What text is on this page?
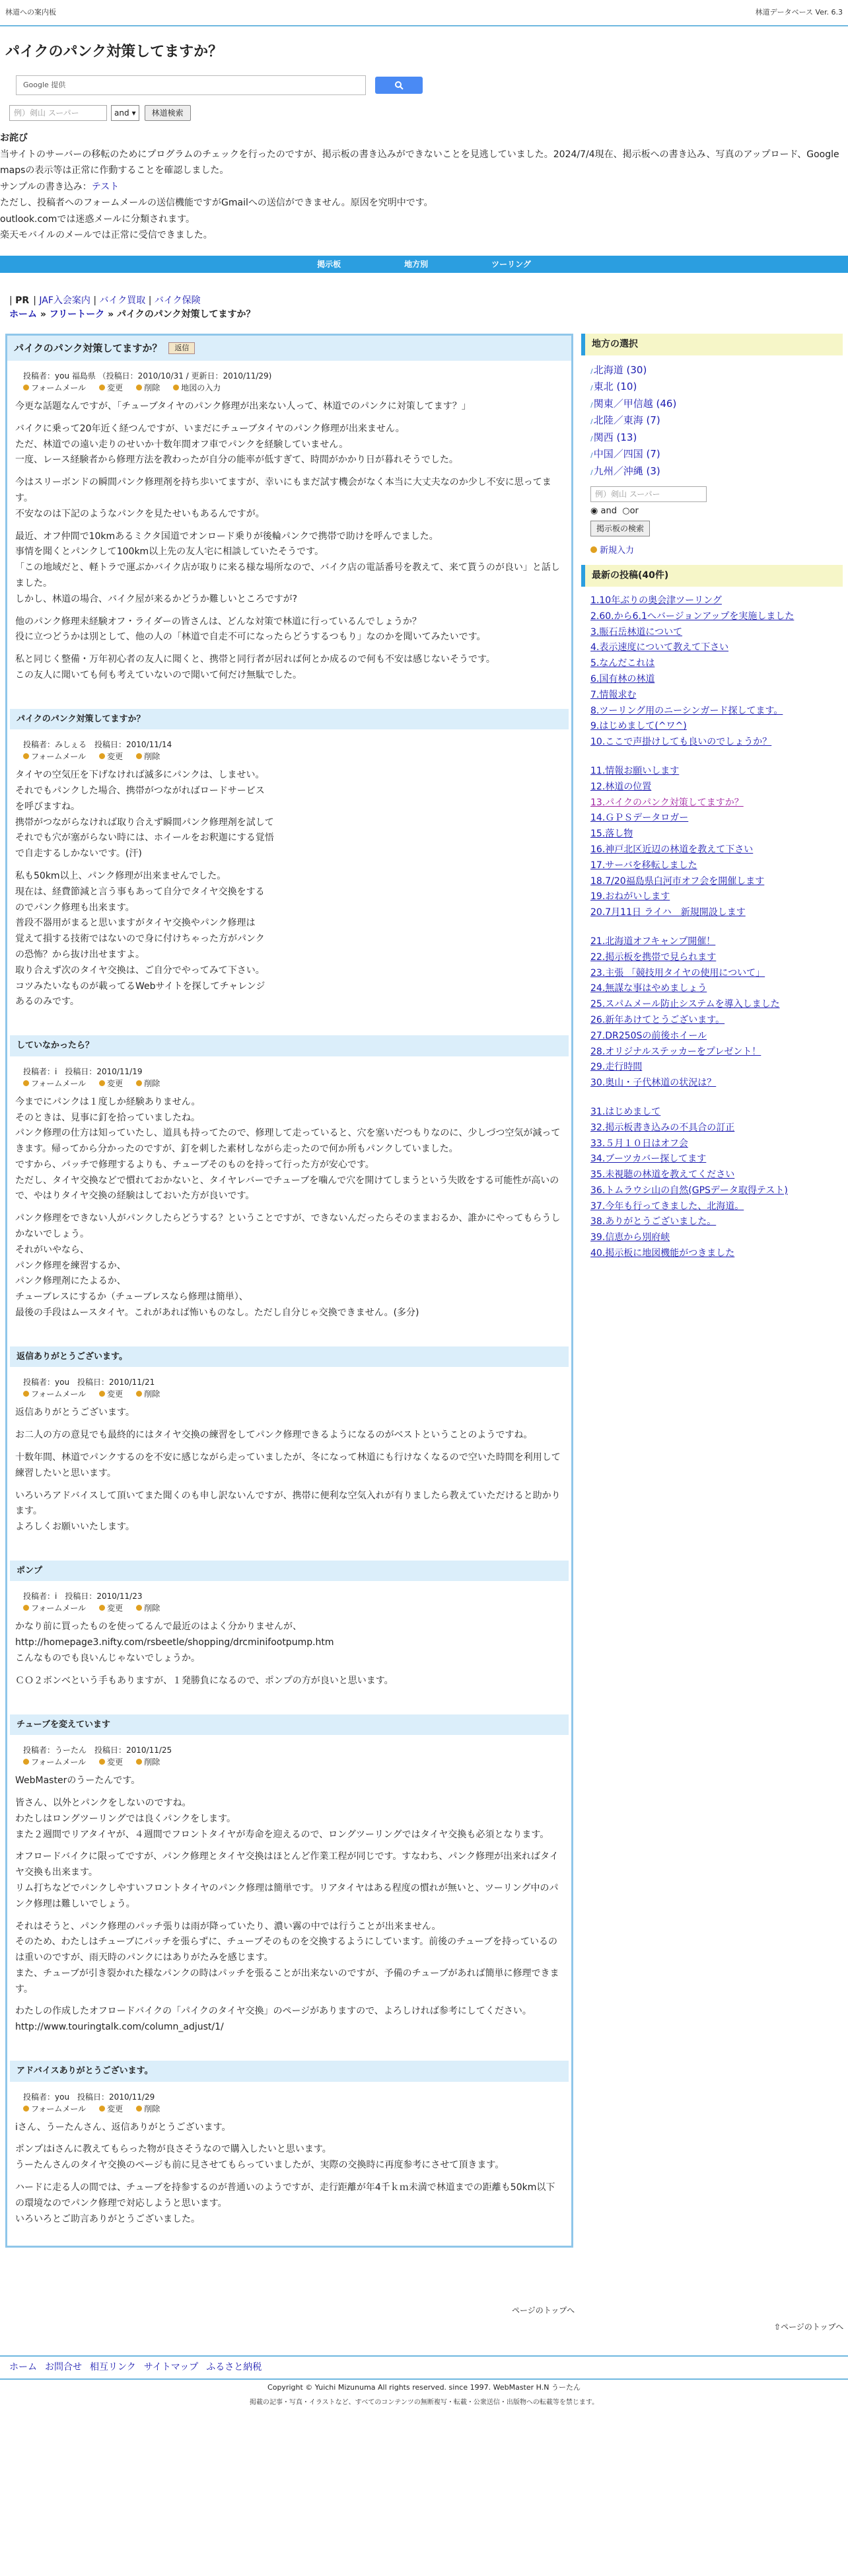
林道への案内板	林道データベース Ver. 6.3
パイクのパンク対策してますか？
Google 提供
例）剣山 スーパー	and ▾	林道検索
お詫び
当サイトのサーバーの移転のためにプログラムのチェックを行ったのですが、掲示板の書き込みができないことを見逃していました。2024/7/4現在、掲示板への書き込み、写真のアップロード、Google mapsの表示等は正常に作動することを確認しました。
サンプルの書き込み：テスト
ただし、投稿者へのフォームメールの送信機能ですがGmailへの送信ができません。原因を究明中です。
outlook.comでは迷惑メールに分類されます。
楽天モバイルのメールでは正常に受信できました。
掲示板	地方別	ツーリング
| PR | JAF入会案内 | バイク買取 | バイク保険
ホーム » フリートーク » パイクのパンク対策してますか？
パイクのパンク対策してますか？	返信
投稿者：you 福島県 （投稿日：2010/10/31 / 更新日：2010/11/29)
フォームメール	変更	削除	地図の入力

今更な話題なんですが、「チューブタイヤのパンク修理が出来ない人って、林道でのパンクに対策してます？」

バイクに乗って20年近く経つんですが、いまだにチューブタイヤのパンク修理が出来ません。
ただ、林道での遠い走りのせいか十数年間オフ車でパンクを経験していません。
一度、レース経験者から修理方法を教わったが自分の能率が低すぎて、時間がかかり日が暮れそうでした。

今はスリーボンドの瞬間パンク修理剤を持ち歩いてますが、幸いにもまだ試す機会がなく本当に大丈夫なのか少し不安に思ってます。
不安なのは下記のようなパンクを見たせいもあるんですが。

最近、オフ仲間で10kmあるミクタ国道でオンロード乗りが後輪パンクで携帯で助けを呼んでました。
事情を聞くとパンクして100km以上先の友人宅に相談していたそうです。
「この地域だと、軽トラで運ぶかバイク店が取りに来る様な場所なので、バイク店の電話番号を教えて、来て貰うのが良い」と話しました。
しかし、林道の場合、バイク屋が来るかどうか難しいところですが?

他のパンク修理未経験オフ・ライダーの皆さんは、どんな対策で林道に行っているんでしょうか？
役に立つどうかは別として、他の人の「林道で自走不可になったらどうするつもり」なのかを聞いてみたいです。

私と同じく整備・万年初心者の友人に聞くと、携帯と同行者が居れば何とか成るので何も不安は感じないそうです。
この友人に聞いても何も考えていないので聞いて何だけ無駄でした。

パイクのパンク対策してますか？
投稿者：みしぇる　投稿日：2010/11/14
フォームメール	変更	削除

タイヤの空気圧を下げなければ滅多にパンクは、しませい。
それでもパンクした場合、携帯がつながればロードサービス
を呼びますね。
携帯がつながらなければ取り合えず瞬間パンク修理剤を試して
それでも穴が塞がらない時には、ホイールをお釈迦にする覚悟
で自走するしかないです。(汗)

私も50km以上、パンク修理が出来ませんでした。
現在は、経費節減と言う事もあって自分でタイヤ交換をする
のでパンク修理も出来ます。
普段不器用がまると思いますがタイヤ交換やパンク修理は
覚えて損する技術ではないので身に付けちゃった方がパンク
の恐怖？から抜け出せますよ。
取り合えず次のタイヤ交換は、ご自分でやってみて下さい。
コツみたいなものが載ってるWebサイトを探してチャレンジ
あるのみです。

していなかったら？
投稿者：i　投稿日：2010/11/19
フォームメール	変更	削除

今までにパンクは１度しか経験ありません。
そのときは、見事に釘を拾っていましたね。
パンク修理の仕方は知っていたし、道具も持ってたので、修理して走っていると、穴を塞いだつもりなのに、少しづつ空気が減ってきます。帰ってから分かったのですが、釘を刺した素材しながら走ったので何か所もパンクしていました。
ですから、パッチで修理するよりも、チューブそのものを持って行った方が安心です。
ただし、タイヤ交換などで慣れておかないと、タイヤレバーでチューブを噛んで穴を開けてしまうという失敗をする可能性が高いので、やはりタイヤ交換の経験はしておいた方が良いです。

パンク修理をできない人がパンクしたらどうする？ということですが、できないんだったらそのままおるか、誰かにやってもらうしかないでしょう。
それがいやなら、
パンク修理を練習するか、
パンク修理剤にたよるか、
チューブレスにするか（チューブレスなら修理は簡単）、
最後の手段はムースタイヤ。これがあれば怖いものなし。ただし自分じゃ交換できません。(多分)

返信ありがとうございます。
投稿者：you　投稿日：2010/11/21
フォームメール	変更	削除

返信ありがとうございます。

お二人の方の意見でも最終的にはタイヤ交換の練習をしてパンク修理できるようになるのがベストということのようですね。

十数年間、林道でパンクするのを不安に感じながら走っていましたが、冬になって林道にも行けなくなるので空いた時間を利用して練習したいと思います。

いろいろアドバイスして頂いてまた聞くのも申し訳ないんですが、携帯に便利な空気入れが有りましたら教えていただけると助かります。
よろしくお願いいたします。

ポンプ
投稿者：i　投稿日：2010/11/23
フォームメール	変更	削除

かなり前に買ったものを使ってるんで最近のはよく分かりませんが、
http://homepage3.nifty.com/rsbeetle/shopping/drcminifootpump.htm
こんなものでも良いんじゃないでしょうか。

ＣＯ２ボンベという手もありますが、１発勝負になるので、ポンプの方が良いと思います。

チューブを変えています
投稿者：うーたん　投稿日：2010/11/25
フォームメール	変更	削除

WebMasterのうーたんです。

皆さん、以外とパンクをしないのですね。
わたしはロングツーリングでは良くパンクをします。
また２週間でリアタイヤが、４週間でフロントタイヤが寿命を迎えるので、ロングツーリングではタイヤ交換も必須となります。

オフロードバイクに限ってですが、パンク修理とタイヤ交換はほとんど作業工程が同じです。すなわち、パンク修理が出来ればタイヤ交換も出来ます。
リム打ちなどでパンクしやすいフロントタイヤのパンク修理は簡単です。リアタイヤはある程度の慣れが無いと、ツーリング中のパンク修理は難しいでしょう。

それはそうと、パンク修理のパッチ張りは雨が降っていたり、濃い霧の中では行うことが出来ません。
そのため、わたしはチューブにパッチを張らずに、チューブそのものを交換するようにしています。前後のチューブを持っているのは重いのですが、雨天時のパンクにはありがたみを感じます。
また、チューブが引き裂かれた様なパンクの時はパッチを張ることが出来ないのですが、予備のチューブがあれば簡単に修理できます。

わたしの作成したオフロードバイクの「パイクのタイヤ交換」のページがありますので、よろしければ参考にしてください。
http://www.touringtalk.com/column_adjust/1/

アドバイスありがとうございます。
投稿者：you　投稿日：2010/11/29
フォームメール	変更	削除

iさん、うーたんさん、返信ありがとうございます。

ポンプはiさんに教えてもらった物が良さそうなので購入したいと思います。
うーたんさんのタイヤ交換のページも前に見させてもらっていましたが、実際の交換時に再度参考にさせて頂きます。

ハードに走る人の間では、チューブを持参するのが普通いのようですが、走行距離が年4千ｋｍ未満で林道までの距離も50km以下の環境なのでパンク修理で対応しようと思います。
いろいろとご助言ありがとうございました。

地方の選択
// 北海道 (30)
// 東北 (10)
// 関東／甲信越 (46)
// 北陸／東海 (7)
// 関西 (13)
// 中国／四国 (7)
// 九州／沖縄 (3)
例）剣山 スーパー
◉ and ○or
掲示板の検索
新規入力
最新の投稿(40件)
1.10年ぶりの奥会津ツーリング
2.60.から6.1へバージョンアップを実施しました
3.賑石岳林道について
4.表示速度について教えて下さい
5.なんだこれは
6.国有林の林道
7.情報求む
8.ツーリング用のニーシンガード探してます。
9.はじめまして(^ワ^)
10.ここで声掛けしても良いのでしょうか？
11.情報お願いします
12.林道の位置
13.パイクのパンク対策してますか？
14.ＧＰＳデータロガー
15.落し物
16.神戸北区近辺の林道を教えて下さい
17.サーバを移転しました
18.7/20福島県白河市オフ会を開催します
19.おねがいします
20.7月11日 ライハ　新規開設します
21.北海道オフキャンプ開催！
22.掲示板を携帯で見られます
23.主張 「競技用タイヤの使用について」
24.無謀な事はやめましょう
25.スパムメール防止システムを導入しました
26.新年あけてとうございます。
27.DR250Sの前後ホイール
28.オリジナルステッカーをプレゼント！
29.走行時間
30.奥山・子代林道の状況は？
31.はじめまして
32.掲示板書き込みの不具合の訂正
33.５月１０日はオフ会
34.ブーツカバー探してます
35.未視聴の林道を教えてください
36.トムラウシ山の自然(GPSデータ取得テスト)
37.今年も行ってきました、北海道。
38.ありがとうございました。
39.信恵から別府峡
40.掲示板に地図機能がつきました
ページのトップへ
⇧ページのトップへ
ホーム お問合せ 相互リンク サイトマップ ふるさと納税
Copyright © Yuichi Mizunuma All rights reserved. since 1997. WebMaster H.N うーたん
掲載の記事・写真・イラストなど、すべてのコンテンツの無断複写・転載・公衆送信・出版物への転載等を禁じます。
